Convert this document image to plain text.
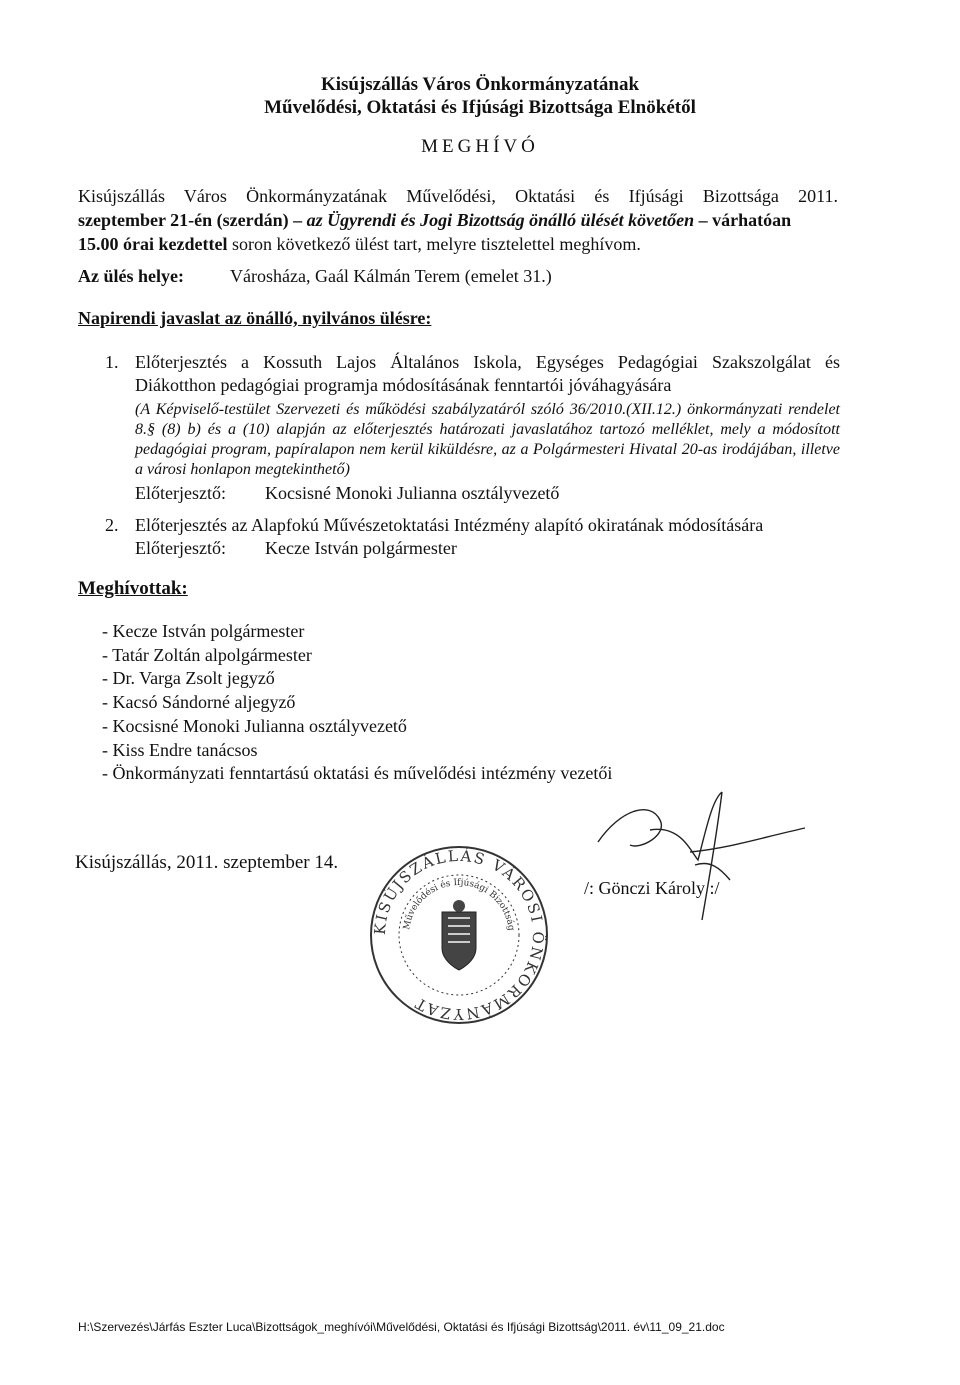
Kisújszállás Város Önkormányzatának
Művelődési, Oktatási és Ifjúsági Bizottsága Elnökétől
MEGHÍVÓ
Kisújszállás Város Önkormányzatának Művelődési, Oktatási és Ifjúsági Bizottsága 2011.
szeptember 21-én (szerdán) – az Ügyrendi és Jogi Bizottság önálló ülését követően – várhatóan
15.00 órai kezdettel soron következő ülést tart, melyre tisztelettel meghívom.
Az ülés helye:	Városháza, Gaál Kálmán Terem (emelet 31.)
Napirendi javaslat az önálló, nyilvános ülésre:
1. Előterjesztés a Kossuth Lajos Általános Iskola, Egységes Pedagógiai Szakszolgálat és
Diákotthon pedagógiai programja módosításának fenntartói jóváhagyására
(A Képviselő-testület Szervezeti és működési szabályzatáról szóló 36/2010.(XII.12.) önkormányzati rendelet 8.§ (8) b) és a (10) alapján az előterjesztés határozati javaslatához tartozó melléklet, mely a módosított pedagógiai program, papíralapon nem kerül kiküldésre, az a Polgármesteri Hivatal 20-as irodájában, illetve a városi honlapon megtekinthető)
Előterjesztő: Kocsisné Monoki Julianna osztályvezető
2. Előterjesztés az Alapfokú Művészetoktatási Intézmény alapító okiratának módosítására
Előterjesztő: Kecze István polgármester
Meghívottak:
- Kecze István polgármester
- Tatár Zoltán alpolgármester
- Dr. Varga Zsolt jegyző
- Kacsó Sándorné aljegyző
- Kocsisné Monoki Julianna osztályvezető
- Kiss Endre tanácsos
- Önkormányzati fenntartású oktatási és művelődési intézmény vezetői
Kisújszállás, 2011. szeptember 14.
/: Gönczi Károly :/
KISÚJSZÁLLÁS VÁROSI ÖNKORMÁNYZAT
Művelődési és Ifjúsági Bizottság
H:\Szervezés\Járfás Eszter Luca\Bizottságok_meghívói\Művelődési, Oktatási és Ifjúsági Bizottság\2011. év\11_09_21.doc
